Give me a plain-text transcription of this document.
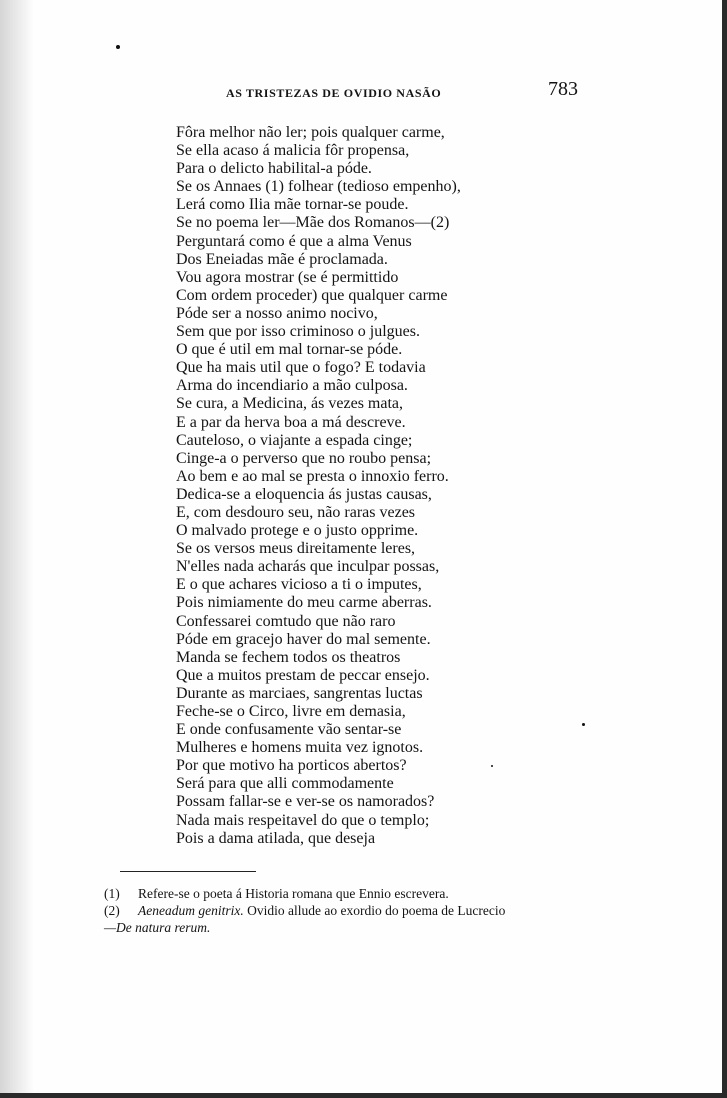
AS TRISTEZAS DE OVIDIO NASÃO	783
Fôra melhor não ler; pois qualquer carme,
Se ella acaso á malicia fôr propensa,
Para o delicto habilital-a póde.
Se os Annaes (1) folhear (tedioso empenho),
Lerá como Ilia mãe tornar-se poude.
Se no poema ler—Mãe dos Romanos—(2)
Perguntará como é que a alma Venus
Dos Eneiadas mãe é proclamada.
Vou agora mostrar (se é permittido
Com ordem proceder) que qualquer carme
Póde ser a nosso animo nocivo,
Sem que por isso criminoso o julgues.
O que é util em mal tornar-se póde.
Que ha mais util que o fogo? E todavia
Arma do incendiario a mão culposa.
Se cura, a Medicina, ás vezes mata,
E a par da herva boa a má descreve.
Cauteloso, o viajante a espada cinge;
Cinge-a o perverso que no roubo pensa;
Ao bem e ao mal se presta o innoxio ferro.
Dedica-se a eloquencia ás justas causas,
E, com desdouro seu, não raras vezes
O malvado protege e o justo opprime.
Se os versos meus direitamente leres,
N'elles nada acharás que inculpar possas,
E o que achares vicioso a ti o imputes,
Pois nimiamente do meu carme aberras.
Confessarei comtudo que não raro
Póde em gracejo haver do mal semente.
Manda se fechem todos os theatros
Que a muitos prestam de peccar ensejo.
Durante as marciaes, sangrentas luctas
Feche-se o Circo, livre em demasia,
E onde confusamente vão sentar-se
Mulheres e homens muita vez ignotos.
Por que motivo ha porticos abertos?
Será para que alli commodamente
Possam fallar-se e ver-se os namorados?
Nada mais respeitavel do que o templo;
Pois a dama atilada, que deseja
(1) Refere-se o poeta á Historia romana que Ennio escrevera.
(2) Aeneadum genitrix. Ovidio allude ao exordio do poema de Lucrecio
—De natura rerum.
